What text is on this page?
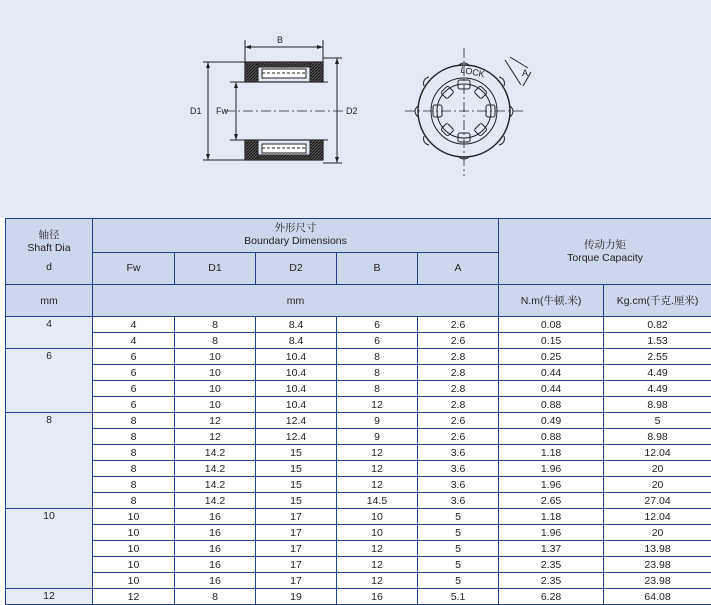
B
D1 Fw	D2
LOCK	A
轴径
Shaft Dia
d	外形尺寸
Boundary Dimensions					传动力矩
Torque Capacity	

	Fw	D1	D2	B	A		
mm	mm					N.m(牛顿.米)	Kg.cm(千克.厘米)
4	4	8	8.4	6	2.6	0.08	0.82
	4	8	8.4	6	2.6	0.15	1.53
6	6	10	10.4	8	2.8	0.25	2.55
	6	10	10.4	8	2.8	0.44	4.49
	6	10	10.4	8	2.8	0.44	4.49
	6	10	10.4	12	2.8	0.88	8.98
8	8	12	12.4	9	2.6	0.49	5
	8	12	12.4	9	2.6	0.88	8.98
	8	14.2	15	12	3.6	1.18	12.04
	8	14.2	15	12	3.6	1.96	20
	8	14.2	15	12	3.6	1.96	20
	8	14.2	15	14.5	3.6	2.65	27.04
10	10	16	17	10	5	1.18	12.04
	10	16	17	10	5	1.96	20
	10	16	17	12	5	1.37	13.98
	10	16	17	12	5	2.35	23.98
	10	16	17	12	5	2.35	23.98
12	12	8	19	16	5.1	6.28	64.08
